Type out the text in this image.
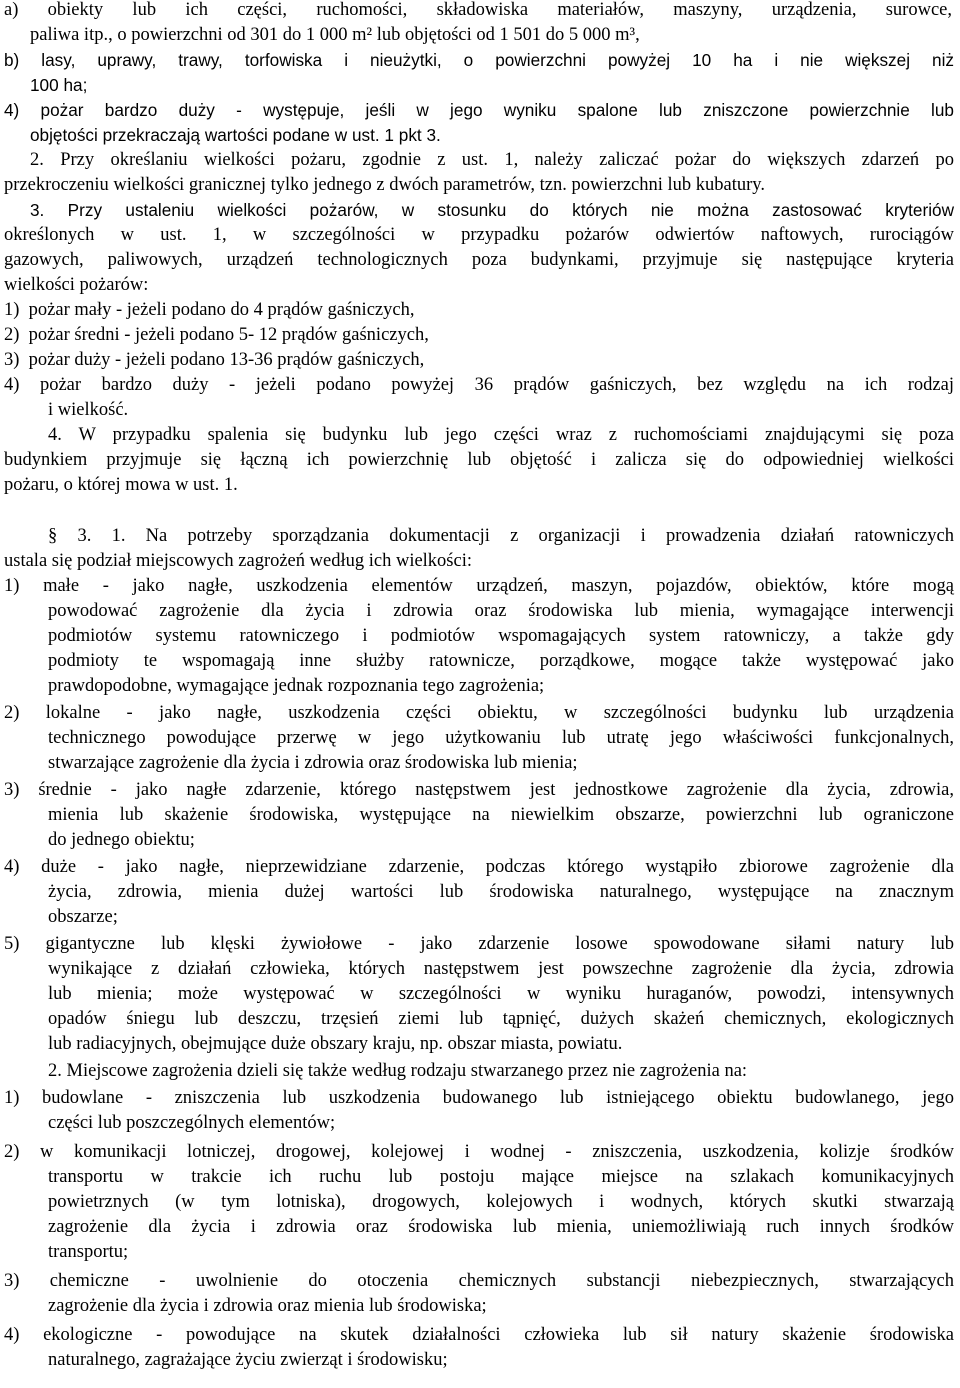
a) obiekty lub ich części, ruchomości, składowiska materiałów, maszyny, urządzenia, surowce,
paliwa itp., o powierzchni od 301 do 1 000 m² lub objętości od 1 501 do 5 000 m³,
b) lasy, uprawy, trawy, torfowiska i nieużytki, o powierzchni powyżej 10 ha i nie większej niż
100 ha;
4) pożar bardzo duży - występuje, jeśli w jego wyniku spalone lub zniszczone powierzchnie lub
objętości przekraczają wartości podane w ust. 1 pkt 3.
2. Przy określaniu wielkości pożaru, zgodnie z ust. 1, należy zaliczać pożar do większych zdarzeń po
przekroczeniu wielkości granicznej tylko jednego z dwóch parametrów, tzn. powierzchni lub kubatury.
3. Przy ustaleniu wielkości pożarów, w stosunku do których nie można zastosować kryteriów
określonych w ust. 1, w szczególności w przypadku pożarów odwiertów naftowych, rurociągów
gazowych, paliwowych, urządzeń technologicznych poza budynkami, przyjmuje się następujące kryteria
wielkości pożarów:
1)  pożar mały - jeżeli podano do 4 prądów gaśniczych,
2)  pożar średni - jeżeli podano 5- 12 prądów gaśniczych,
3)  pożar duży - jeżeli podano 13-36 prądów gaśniczych,
4) pożar bardzo duży - jeżeli podano powyżej 36 prądów gaśniczych, bez względu na ich rodzaj
i wielkość.
4. W przypadku spalenia się budynku lub jego części wraz z ruchomościami znajdującymi się poza
budynkiem przyjmuje się łączną ich powierzchnię lub objętość i zalicza się do odpowiedniej wielkości
pożaru, o której mowa w ust. 1.
§ 3. 1. Na potrzeby sporządzania dokumentacji z organizacji i prowadzenia działań ratowniczych
ustala się podział miejscowych zagrożeń według ich wielkości:
1) małe - jako nagłe, uszkodzenia elementów urządzeń, maszyn, pojazdów, obiektów, które mogą
powodować zagrożenie dla życia i zdrowia oraz środowiska lub mienia, wymagające interwencji
podmiotów systemu ratowniczego i podmiotów wspomagających system ratowniczy, a także gdy
podmioty te wspomagają inne służby ratownicze, porządkowe, mogące także występować jako
prawdopodobne, wymagające jednak rozpoznania tego zagrożenia;
2) lokalne - jako nagłe, uszkodzenia części obiektu, w szczególności budynku lub urządzenia
technicznego powodujące przerwę w jego użytkowaniu lub utratę jego właściwości funkcjonalnych,
stwarzające zagrożenie dla życia i zdrowia oraz środowiska lub mienia;
3) średnie - jako nagłe zdarzenie, którego następstwem jest jednostkowe zagrożenie dla życia, zdrowia,
mienia lub skażenie środowiska, występujące na niewielkim obszarze, powierzchni lub ograniczone
do jednego obiektu;
4) duże - jako nagłe, nieprzewidziane zdarzenie, podczas którego wystąpiło zbiorowe zagrożenie dla
życia, zdrowia, mienia dużej wartości lub środowiska naturalnego, występujące na znacznym
obszarze;
5) gigantyczne lub klęski żywiołowe - jako zdarzenie losowe spowodowane siłami natury lub
wynikające z działań człowieka, których następstwem jest powszechne zagrożenie dla życia, zdrowia
lub mienia; może występować w szczególności w wyniku huraganów, powodzi, intensywnych
opadów śniegu lub deszczu, trzęsień ziemi lub tąpnięć, dużych skażeń chemicznych, ekologicznych
lub radiacyjnych, obejmujące duże obszary kraju, np. obszar miasta, powiatu.
2. Miejscowe zagrożenia dzieli się także według rodzaju stwarzanego przez nie zagrożenia na:
1) budowlane - zniszczenia lub uszkodzenia budowanego lub istniejącego obiektu budowlanego, jego
części lub poszczególnych elementów;
2) w komunikacji lotniczej, drogowej, kolejowej i wodnej - zniszczenia, uszkodzenia, kolizje środków
transportu w trakcie ich ruchu lub postoju mające miejsce na szlakach komunikacyjnych
powietrznych (w tym lotniska), drogowych, kolejowych i wodnych, których skutki stwarzają
zagrożenie dla życia i zdrowia oraz środowiska lub mienia, uniemożliwiają ruch innych środków
transportu;
3) chemiczne - uwolnienie do otoczenia chemicznych substancji niebezpiecznych, stwarzających
zagrożenie dla życia i zdrowia oraz mienia lub środowiska;
4) ekologiczne - powodujące na skutek działalności człowieka lub sił natury skażenie środowiska
naturalnego, zagrażające życiu zwierząt i środowisku;
